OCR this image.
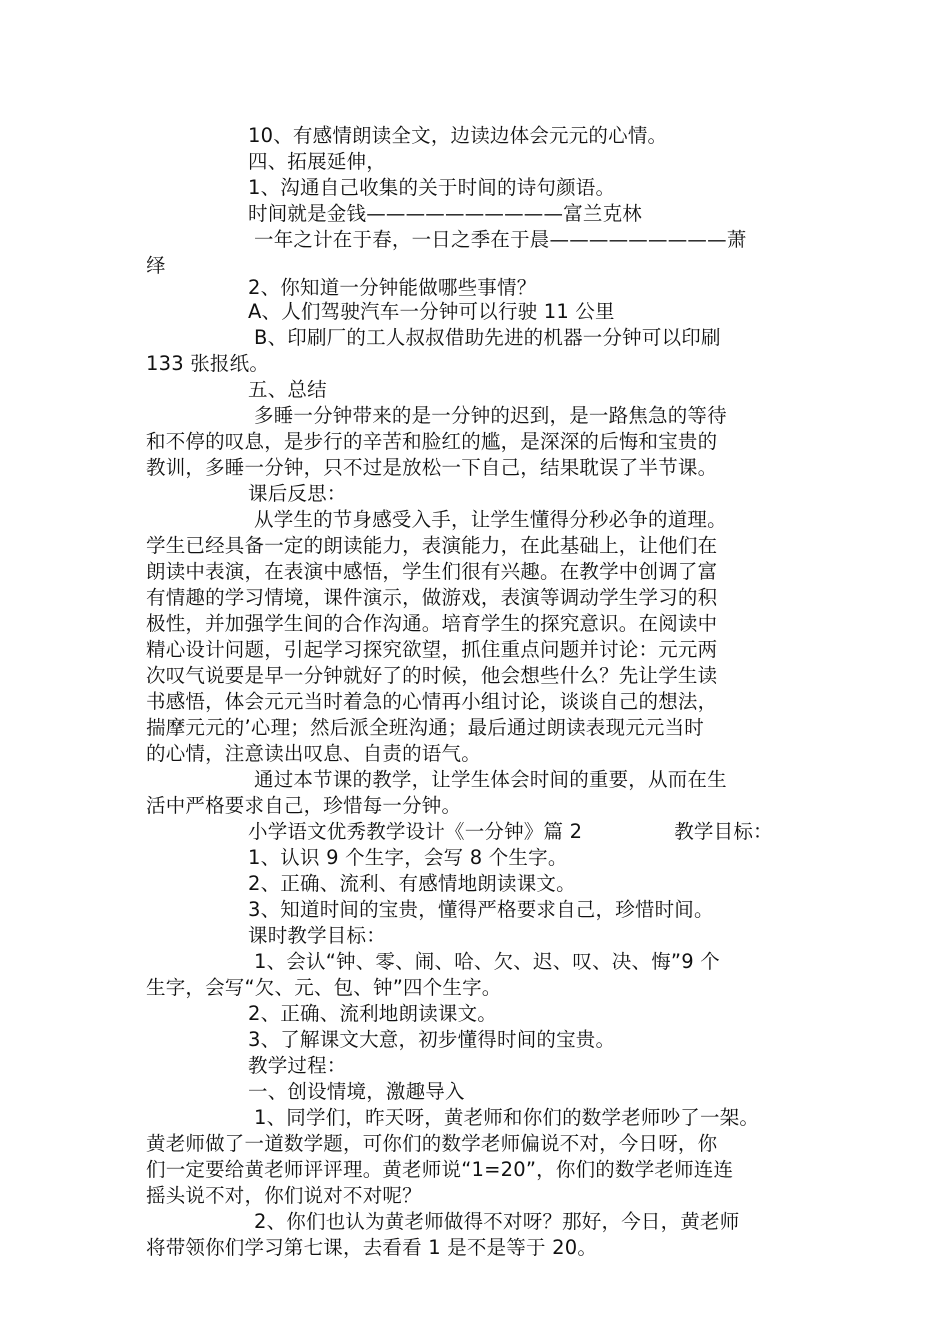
10、有感情朗读全文，边读边体会元元的心情。
四、拓展延伸，
1、沟通自己收集的关于时间的诗句颜语。
时间就是金钱——————————富兰克林
一年之计在于春，一日之季在于晨—————————萧
绎
2、你知道一分钟能做哪些事情？
A、人们驾驶汽车一分钟可以行驶 11 公里
B、印刷厂的工人叔叔借助先进的机器一分钟可以印刷
133 张报纸。
五、总结
多睡一分钟带来的是一分钟的迟到，是一路焦急的等待
和不停的叹息，是步行的辛苦和脸红的尴，是深深的后悔和宝贵的
教训，多睡一分钟，只不过是放松一下自己，结果耽误了半节课。
课后反思：
从学生的节身感受入手，让学生懂得分秒必争的道理。
学生已经具备一定的朗读能力，表演能力，在此基础上，让他们在
朗读中表演，在表演中感悟，学生们很有兴趣。在教学中创调了富
有情趣的学习情境，课件演示，做游戏，表演等调动学生学习的积
极性，并加强学生间的合作沟通。培育学生的探究意识。在阅读中
精心设计问题，引起学习探究欲望，抓住重点问题并讨论：元元两
次叹气说要是早一分钟就好了的时候，他会想些什么？先让学生读
书感悟，体会元元当时着急的心情再小组讨论，谈谈自己的想法，
揣摩元元的’心理；然后派全班沟通；最后通过朗读表现元元当时
的心情，注意读出叹息、自责的语气。
通过本节课的教学，让学生体会时间的重要，从而在生
活中严格要求自己，珍惜每一分钟。
小学语文优秀教学设计《一分钟》篇 2	教学目标：
1、认识 9 个生字，会写 8 个生字。
2、正确、流利、有感情地朗读课文。
3、知道时间的宝贵，懂得严格要求自己，珍惜时间。
课时教学目标：
1、会认“钟、零、闹、哈、欠、迟、叹、决、悔”9 个
生字，会写“欠、元、包、钟”四个生字。
2、正确、流利地朗读课文。
3、了解课文大意，初步懂得时间的宝贵。
教学过程：
一、创设情境，激趣导入
1、同学们，昨天呀，黄老师和你们的数学老师吵了一架。
黄老师做了一道数学题，可你们的数学老师偏说不对，今日呀，你
们一定要给黄老师评评理。黄老师说“1=20”，你们的数学老师连连
摇头说不对，你们说对不对呢？
2、你们也认为黄老师做得不对呀？那好，今日，黄老师
将带领你们学习第七课，去看看 1 是不是等于 20。
